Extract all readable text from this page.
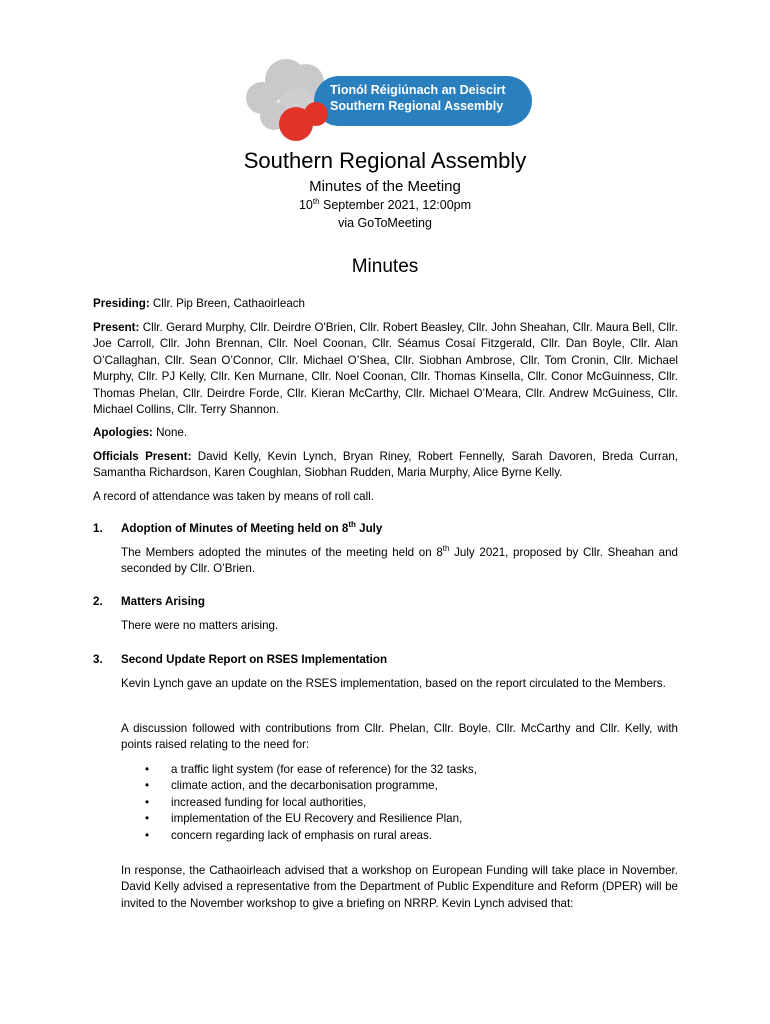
Tionól Réigiúnach an Deiscirt
Southern Regional Assembly
Southern Regional Assembly
Minutes of the Meeting
10th September 2021, 12:00pm
via GoToMeeting
Minutes

Presiding: Cllr. Pip Breen, Cathaoirleach

Present: Cllr. Gerard Murphy, Cllr. Deirdre O'Brien, Cllr. Robert Beasley, Cllr. John Sheahan, Cllr. Maura Bell, Cllr. Joe Carroll, Cllr. John Brennan, Cllr. Noel Coonan, Cllr. Séamus Cosaí Fitzgerald, Cllr. Dan Boyle, Cllr. Alan O’Callaghan, Cllr. Sean O’Connor, Cllr. Michael O’Shea, Cllr. Siobhan Ambrose, Cllr. Tom Cronin, Cllr. Michael Murphy, Cllr. PJ Kelly, Cllr. Ken Murnane, Cllr. Noel Coonan, Cllr. Thomas Kinsella, Cllr. Conor McGuinness, Cllr. Thomas Phelan, Cllr. Deirdre Forde, Cllr. Kieran McCarthy, Cllr. Michael O’Meara, Cllr. Andrew McGuiness, Cllr. Michael Collins, Cllr. Terry Shannon.

Apologies: None.

Officials Present: David Kelly, Kevin Lynch, Bryan Riney, Robert Fennelly, Sarah Davoren, Breda Curran, Samantha Richardson, Karen Coughlan, Siobhan Rudden, Maria Murphy, Alice Byrne Kelly.

A record of attendance was taken by means of roll call.
1. Adoption of Minutes of Meeting held on 8th July
The Members adopted the minutes of the meeting held on 8th July 2021, proposed by Cllr. Sheahan and seconded by Cllr. O’Brien.
2. Matters Arising
There were no matters arising.
3. Second Update Report on RSES Implementation
Kevin Lynch gave an update on the RSES implementation, based on the report circulated to the Members.
A discussion followed with contributions from Cllr. Phelan, Cllr. Boyle. Cllr. McCarthy and Cllr. Kelly, with points raised relating to the need for:
• a traffic light system (for ease of reference) for the 32 tasks,
• climate action, and the decarbonisation programme,
• increased funding for local authorities,
• implementation of the EU Recovery and Resilience Plan,
• concern regarding lack of emphasis on rural areas.
In response, the Cathaoirleach advised that a workshop on European Funding will take place in November. David Kelly advised a representative from the Department of Public Expenditure and Reform (DPER) will be invited to the November workshop to give a briefing on NRRP. Kevin Lynch advised that:
